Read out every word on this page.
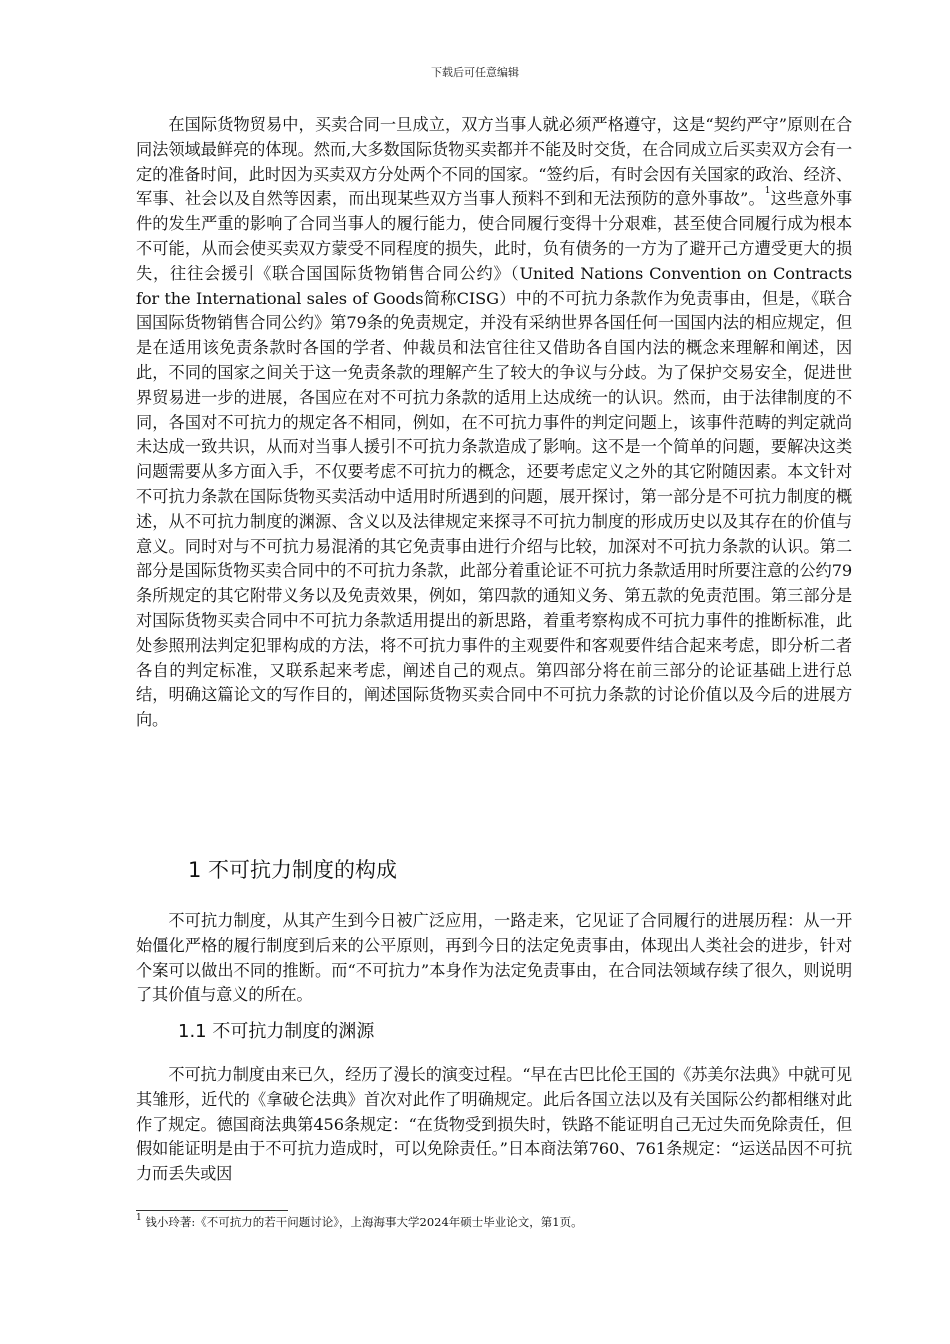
下载后可任意编辑

在国际货物贸易中，买卖合同一旦成立，双方当事人就必须严格遵守，这是“契约严守”原则在合同法领域最鲜亮的体现。然而,大多数国际货物买卖都并不能及时交货，在合同成立后买卖双方会有一定的准备时间，此时因为买卖双方分处两个不同的国家。“签约后，有时会因有关国家的政治、经济、军事、社会以及自然等因素，而出现某些双方当事人预料不到和无法预防的意外事故”。$^1$这些意外事件的发生严重的影响了合同当事人的履行能力，使合同履行变得十分艰难，甚至使合同履行成为根本不可能，从而会使买卖双方蒙受不同程度的损失，此时，负有债务的一方为了避开己方遭受更大的损失，往往会援引《联合国国际货物销售合同公约》（United Nations Convention on Contracts for the International sales of Goods简称CISG）中的不可抗力条款作为免责事由，但是，《联合国国际货物销售合同公约》第79条的免责规定，并没有采纳世界各国任何一国国内法的相应规定，但是在适用该免责条款时各国的学者、仲裁员和法官往往又借助各自国内法的概念来理解和阐述，因此，不同的国家之间关于这一免责条款的理解产生了较大的争议与分歧。为了保护交易安全，促进世界贸易进一步的进展，各国应在对不可抗力条款的适用上达成统一的认识。然而，由于法律制度的不同，各国对不可抗力的规定各不相同，例如，在不可抗力事件的判定问题上，该事件范畴的判定就尚未达成一致共识，从而对当事人援引不可抗力条款造成了影响。这不是一个简单的问题，要解决这类问题需要从多方面入手，不仅要考虑不可抗力的概念，还要考虑定义之外的其它附随因素。本文针对不可抗力条款在国际货物买卖活动中适用时所遇到的问题，展开探讨，第一部分是不可抗力制度的概述，从不可抗力制度的渊源、含义以及法律规定来探寻不可抗力制度的形成历史以及其存在的价值与意义。同时对与不可抗力易混淆的其它免责事由进行介绍与比较，加深对不可抗力条款的认识。第二部分是国际货物买卖合同中的不可抗力条款，此部分着重论证不可抗力条款适用时所要注意的公约79条所规定的其它附带义务以及免责效果，例如，第四款的通知义务、第五款的免责范围。第三部分是对国际货物买卖合同中不可抗力条款适用提出的新思路，着重考察构成不可抗力事件的推断标准，此处参照刑法判定犯罪构成的方法，将不可抗力事件的主观要件和客观要件结合起来考虑，即分析二者各自的判定标准，又联系起来考虑，阐述自己的观点。第四部分将在前三部分的论证基础上进行总结，明确这篇论文的写作目的，阐述国际货物买卖合同中不可抗力条款的讨论价值以及今后的进展方向。

1 不可抗力制度的构成

不可抗力制度，从其产生到今日被广泛应用，一路走来，它见证了合同履行的进展历程：从一开始僵化严格的履行制度到后来的公平原则，再到今日的法定免责事由，体现出人类社会的进步，针对个案可以做出不同的推断。而“不可抗力”本身作为法定免责事由，在合同法领域存续了很久，则说明了其价值与意义的所在。

1.1 不可抗力制度的渊源

不可抗力制度由来已久，经历了漫长的演变过程。“早在古巴比伦王国的《苏美尔法典》中就可见其雏形，近代的《拿破仑法典》首次对此作了明确规定。此后各国立法以及有关国际公约都相继对此作了规定。德国商法典第456条规定：“在货物受到损失时，铁路不能证明自己无过失而免除责任，但假如能证明是由于不可抗力造成时，可以免除责任。”日本商法第760、761条规定：“运送品因不可抗力而丢失或因

$^1$ 钱小玲著:《不可抗力的若干问题讨论》，上海海事大学2024年硕士毕业论文，第1页。
